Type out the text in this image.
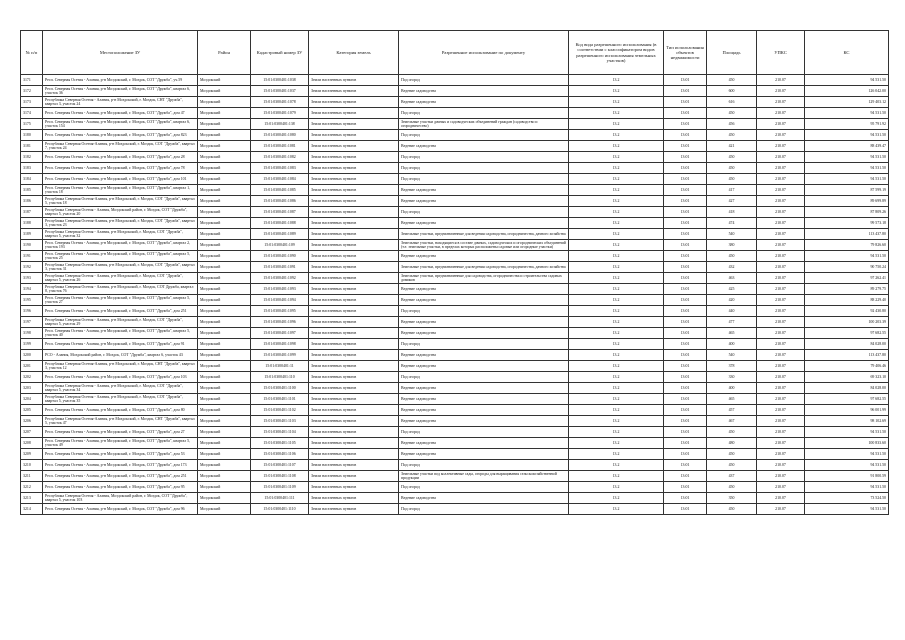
№ п/п	Местоположение ЗУ	Район	Кадастровый номер ЗУ	Категория земель	Разрешенное использование по документу	Код вида разрешенного использования (в соответствии с классификатором видов разрешенного использования земельных участков)	Тип использования объектов недвижимости	Площадь	УПКС	КС
3171	Респ. Северная Осетия - Алания, р-н Моздокский, г. Моздок, СОТ "Дружба", уч.59	Моздокский	15:01:0300401:1038	Земли населенных пунктов	Под огород	13.2	13:01	450	210.07	94 531.50
3172	Респ. Северная Осетия - Алания, р-н Моздокский, г. Моздок, СОТ "Дружба", квартал 6, участок 36	Моздокский	15:01:0300401:1037	Земли населенных пунктов	Ведение садоводства	13.2	13:01	600	210.07	126 042.00
3173	Республика Северная Осетия - Алания, р-н Моздокский, г. Моздок, СНТ "Дружба", квартал 3, участок 24	Моздокский	15:01:0300401:1078	Земли населенных пунктов	Ведение садоводства	13.2	13:01	616	210.07	129 403.12
3174	Респ. Северная Осетия - Алания, р-н Моздокский, г. Моздок, СОТ "Дружба", дом 47	Моздокский	15:01:0300401:1079	Земли населенных пунктов	Под огород	13.2	13:01	450	210.07	94 531.50
3175	Респ. Северная Осетия - Алания, р-н Моздокский, г. Моздок, СОТ "Дружба", квартал 6, участок 154	Моздокский	15:01:0300401:138	Земли населенных пунктов	Земельные участки дачных и садоводческих объединений граждан (садоводство и огородничество)	13.2	13:01	456	210.07	95 791.92
3180	Респ. Северная Осетия - Алания, р-н Моздокский, г. Моздок, СОТ "Дружба", дом 823	Моздокский	15:01:0300401:1080	Земли населенных пунктов	Под огород	13.2	13:01	450	210.07	94 531.50
3181	Республика Северная Осетия-Алания, р-н Моздокский, г. Моздок, СОТ "Дружба", квартал 7, участок 24	Моздокский	15:01:0300401:1081	Земли населенных пунктов	Ведение садоводства	13.2	13:01	421	210.07	88 439.47
3182	Респ. Северная Осетия - Алания, р-н Моздокский, г. Моздок, СОТ "Дружба", дом 28	Моздокский	15:01:0300401:1082	Земли населенных пунктов	Под огород	13.2	13:01	450	210.07	94 531.50
3183	Респ. Северная Осетия - Алания, р-н Моздокский, г. Моздок, СОТ "Дружба", дом 78	Моздокский	15:01:0300401:1083	Земли населенных пунктов	Под огород	13.2	13:01	450	210.07	94 531.50
3184	Респ. Северная Осетия - Алания, р-н Моздокский, г. Моздок, СОТ "Дружба", дом 101	Моздокский	15:01:0300401:1084	Земли населенных пунктов	Под огород	13.2	13:01	450	210.07	94 531.50
3185	Респ. Северная Осетия - Алания, р-н Моздокский, г. Моздок, СОТ "Дружба", квартал 1, участок 18	Моздокский	15:01:0300401:1085	Земли населенных пунктов	Ведение садоводства	13.2	13:01	417	210.07	87 599.19
3186	Республика Северная Осетия-Алания, р-н Моздокский, г. Моздок, СОТ "Дружба", квартал 5, участок 18	Моздокский	15:01:0300401:1086	Земли населенных пунктов	Ведение садоводства	13.2	13:01	427	210.07	89 699.89
3187	Республика Северная Осетия - Алания, Моздокский район, г. Моздок, СОТ "Дружба", квартал 5, участок 20	Моздокский	15:01:0300401:1087	Земли населенных пунктов	Под огород	13.2	13:01	418	210.07	87 809.26
3188	Республика Северная Осетия-Алания, р-н Моздокский, г. Моздок, СОТ "Дружба", квартал 3, участок 23	Моздокский	15:01:0300401:1088	Земли населенных пунктов	Ведение садоводства	13.2	13:01	474	210.07	99 573.18
3189	Республика Северная Осетия - Алания, р-н Моздокский, г. Моздок, СОТ "Дружба", квартал 5, участок 32	Моздокский	15:01:0300401:1089	Земли населенных пунктов	Земельные участки, предназначенные для ведения садоводства, огородничества, дачного хозяйства	13.2	13:01	540	210.07	113 437.80
3190	Респ. Северная Осетия - Алания, р-н Моздокский, г. Моздок, СОТ "Дружба", квартал 2, участок 193	Моздокский	15:01:0300401:109	Земли населенных пунктов	Земельные участки, находящиеся в составе дачных, садоводческих и огороднических объединений (т.е. земельные участки, в пределах которых расположены садовые или огородные участки)	13.2	13:01	380	210.07	79 826.60
3191	Респ. Северная Осетия - Алания, р-н Моздокский, г. Моздок, СОТ "Дружба", квартал 5, участок 25	Моздокский	15:01:0300401:1090	Земли населенных пунктов	Ведение садоводства	13.2	13:01	450	210.07	94 531.50
3192	Республика Северная Осетия-Алания, р-н Моздокский, г. Моздок, СОТ "Дружба", квартал 3, участок 31	Моздокский	15:01:0300401:1091	Земли населенных пунктов	Земельные участки, предназначенные для ведения садоводства, огородничества, дачного хозяйства	13.2	13:01	432	210.07	90 750.24
3193	Республика Северная Осетия - Алания, р-н Моздокский, г. Моздок, СОТ "Дружба", квартал 5, участок 26	Моздокский	15:01:0300401:1092	Земли населенных пунктов	Земельные участки, предназначенные для садоводства, огородничества и строительства садовых домиков	13.2	13:01	463	210.07	97 262.41
3194	Республика Северная Осетия - Алания, р-н Моздокский, г. Моздок, СОТ Дружба, квартал 8, участок 76	Моздокский	15:01:0300401:1093	Земли населенных пунктов	Ведение садоводства	13.2	13:01	425	210.07	89 279.75
3195	Респ. Северная Осетия - Алания, р-н Моздокский, г. Моздок, СОТ "Дружба", квартал 5, участок 27	Моздокский	15:01:0300401:1094	Земли населенных пунктов	Ведение садоводства	13.2	13:01	420	210.07	88 229.40
3196	Респ. Северная Осетия - Алания, р-н Моздокский, г. Моздок, СОТ "Дружба", дом 251	Моздокский	15:01:0300401:1095	Земли населенных пунктов	Под огород	13.2	13:01	440	210.07	92 430.80
3197	Республика Северная Осетия - Алания, р-н Моздокский, г. Моздок, СОТ "Дружба", квартал 5, участок 29	Моздокский	15:01:0300401:1096	Земли населенных пунктов	Ведение садоводства	13.2	13:01	477	210.07	100 203.39
3198	Респ. Северная Осетия - Алания, р-н Моздокский, г. Моздок, СОТ "Дружба", квартал 5, участок 40	Моздокский	15:01:0300401:1097	Земли населенных пунктов	Ведение садоводства	13.2	13:01	465	210.07	97 682.55
3199	Респ. Северная Осетия - Алания, р-н Моздокский, г. Моздок, СОТ "Дружба", дом 91	Моздокский	15:01:0300401:1098	Земли населенных пунктов	Под огород	13.2	13:01	400	210.07	84 028.00
3200	РСО - Алания, Моздокский район, г. Моздок, СОТ "Дружба", квартал 6, участок 43	Моздокский	15:01:0300401:1099	Земли населенных пунктов	Ведение садоводства	13.2	13:01	540	210.07	113 437.80
3201	Республика Северная Осетия-Алания, р-н Моздокский, г. Моздок, СНТ "Дружба", квартал 3, участок 12	Моздокский	15:01:0300401:11	Земли населенных пунктов	Ведение садоводства	13.2	13:01	378	210.07	79 406.46
3202	Респ. Северная Осетия - Алания, р-н Моздокский, г. Моздок, СОТ "Дружба", дом 103	Моздокский	15:01:0300401:110	Земли населенных пунктов	Под огород	13.2	13:01	330	210.07	69 323.10
3203	Республика Северная Осетия - Алания, р-н Моздокский, г. Моздок, СОТ "Дружба", квартал 5, участок 34	Моздокский	15:01:0300401:1100	Земли населенных пунктов	Ведение садоводства	13.2	13:01	400	210.07	84 028.00
3204	Республика Северная Осетия - Алания, р-н Моздокский, г. Моздок, СОТ "Дружба", квартал 5, участок 35	Моздокский	15:01:0300401:1101	Земли населенных пунктов	Ведение садоводства	13.2	13:01	465	210.07	97 682.55
3205	Респ. Северная Осетия - Алания, р-н Моздокский, г. Моздок, СОТ "Дружба", дом 80	Моздокский	15:01:0300401:1102	Земли населенных пунктов	Ведение садоводства	13.2	13:01	457	210.07	96 001.99
3206	Республика Северная Осетия-Алания, р-н Моздокский, г. Моздок, СНТ "Дружба", квартал 5, участок 47	Моздокский	15:01:0300401:1103	Земли населенных пунктов	Ведение садоводства	13.2	13:01	467	210.07	98 102.69
3207	Респ. Северная Осетия - Алания, р-н Моздокский, г. Моздок, СОТ "Дружба", дом 27	Моздокский	15:01:0300401:1104	Земли населенных пунктов	Под огород	13.2	13:01	450	210.07	94 531.50
3208	Респ. Северная Осетия - Алания, р-н Моздокский, г. Моздок, СОТ "Дружба", квартал 5, участок 49	Моздокский	15:01:0300401:1105	Земли населенных пунктов	Ведение садоводства	13.2	13:01	480	210.07	100 833.60
3209	Респ. Северная Осетия - Алания, р-н Моздокский, г. Моздок, СОТ "Дружба", дом 53	Моздокский	15:01:0300401:1106	Земли населенных пунктов	Ведение садоводства	13.2	13:01	450	210.07	94 531.50
3210	Респ. Северная Осетия - Алания, р-н Моздокский, г. Моздок, СОТ "Дружба", дом 173	Моздокский	15:01:0300401:1107	Земли населенных пунктов	Под огород	13.2	13:01	450	210.07	94 531.50
3211	Респ. Северная Осетия - Алания, р-н Моздокский, г. Моздок, СОТ "Дружба", дом 251	Моздокский	15:01:0300401:1108	Земли населенных пунктов	Земельные участки под коллективные сады, огороды для выращивания сельскохозяйственной продукции	13.2	13:01	437	210.07	91 800.59
3212	Респ. Северная Осетия - Алания, р-н Моздокский, г. Моздок, СОТ "Дружба", дом 95	Моздокский	15:01:0300401:1109	Земли населенных пунктов	Под огород	13.2	13:01	450	210.07	94 531.50
3213	Республика Северная Осетия - Алания, Моздокский район, г. Моздок, СОТ "Дружба", квартал 5, участок 103	Моздокский	15:01:0300401:111	Земли населенных пунктов	Ведение садоводства	13.2	13:01	350	210.07	73 524.50
3214	Респ. Северная Осетия - Алания, р-н Моздокский, г. Моздок, СОТ "Дружба", дом 96	Моздокский	15:01:0300401:1110	Земли населенных пунктов	Под огород	13.2	13:01	450	210.07	94 531.50
